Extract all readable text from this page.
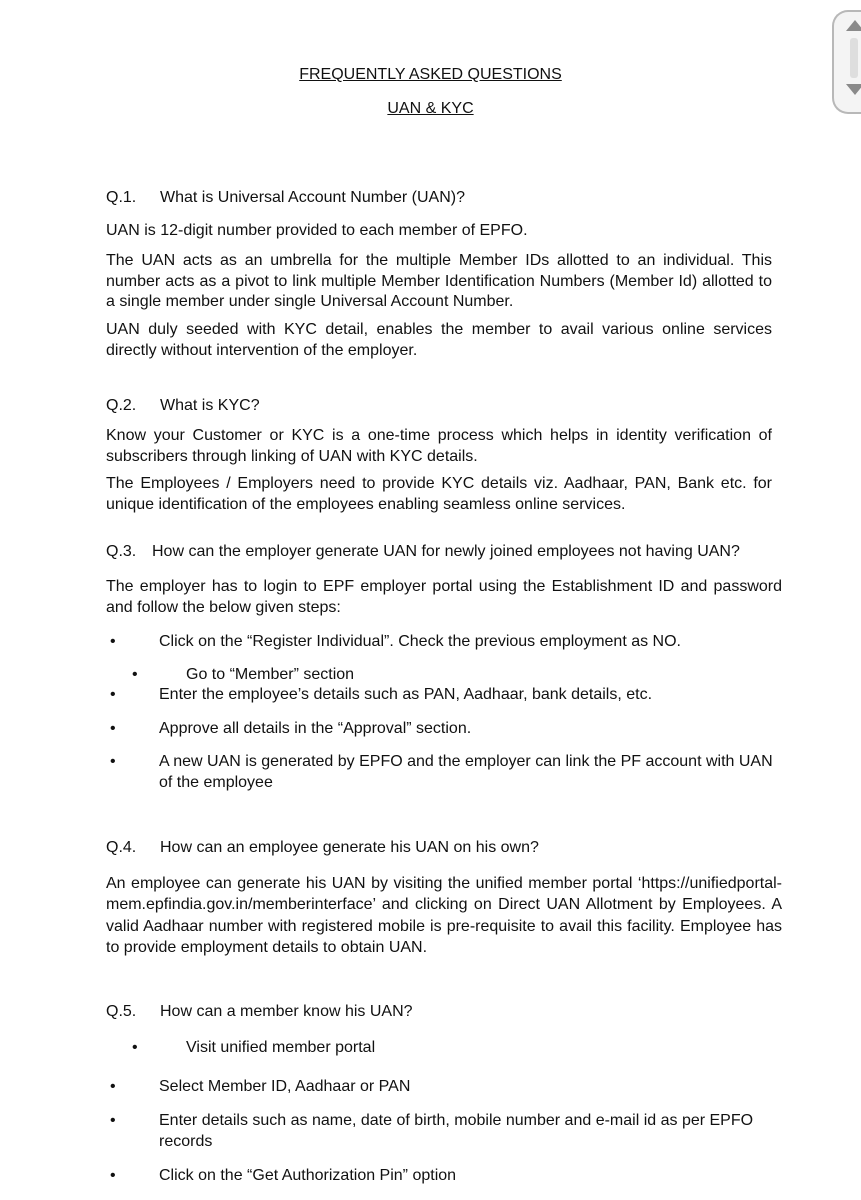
FREQUENTLY ASKED QUESTIONS
UAN & KYC
Q.1. What is Universal Account Number (UAN)?
UAN is 12-digit number provided to each member of EPFO.
The UAN acts as an umbrella for the multiple Member IDs allotted to an individual. This number acts as a pivot to link multiple Member Identification Numbers (Member Id) allotted to a single member under single Universal Account Number.
UAN duly seeded with KYC detail, enables the member to avail various online services directly without intervention of the employer.
Q.2. What is KYC?
Know your Customer or KYC is a one-time process which helps in identity verification of subscribers through linking of UAN with KYC details.
The Employees / Employers need to provide KYC details viz. Aadhaar, PAN, Bank etc. for unique identification of the employees enabling seamless online services.
Q.3. How can the employer generate UAN for newly joined employees not having UAN?
The employer has to login to EPF employer portal using the Establishment ID and password and follow the below given steps:
•	Click on the “Register Individual”. Check the previous employment as NO.
•	Go to “Member” section
•	Enter the employee’s details such as PAN, Aadhaar, bank details, etc.
•	Approve all details in the “Approval” section.
•	A new UAN is generated by EPFO and the employer can link the PF account with UAN of the employee
Q.4. How can an employee generate his UAN on his own?
An employee can generate his UAN by visiting the unified member portal ‘https://unifiedportal-mem.epfindia.gov.in/memberinterface’ and clicking on Direct UAN Allotment by Employees. A valid Aadhaar number with registered mobile is pre-requisite to avail this facility. Employee has to provide employment details to obtain UAN.
Q.5. How can a member know his UAN?
•	Visit unified member portal
•	Select Member ID, Aadhaar or PAN
•	Enter details such as name, date of birth, mobile number and e-mail id as per EPFO records
•	Click on the “Get Authorization Pin” option
